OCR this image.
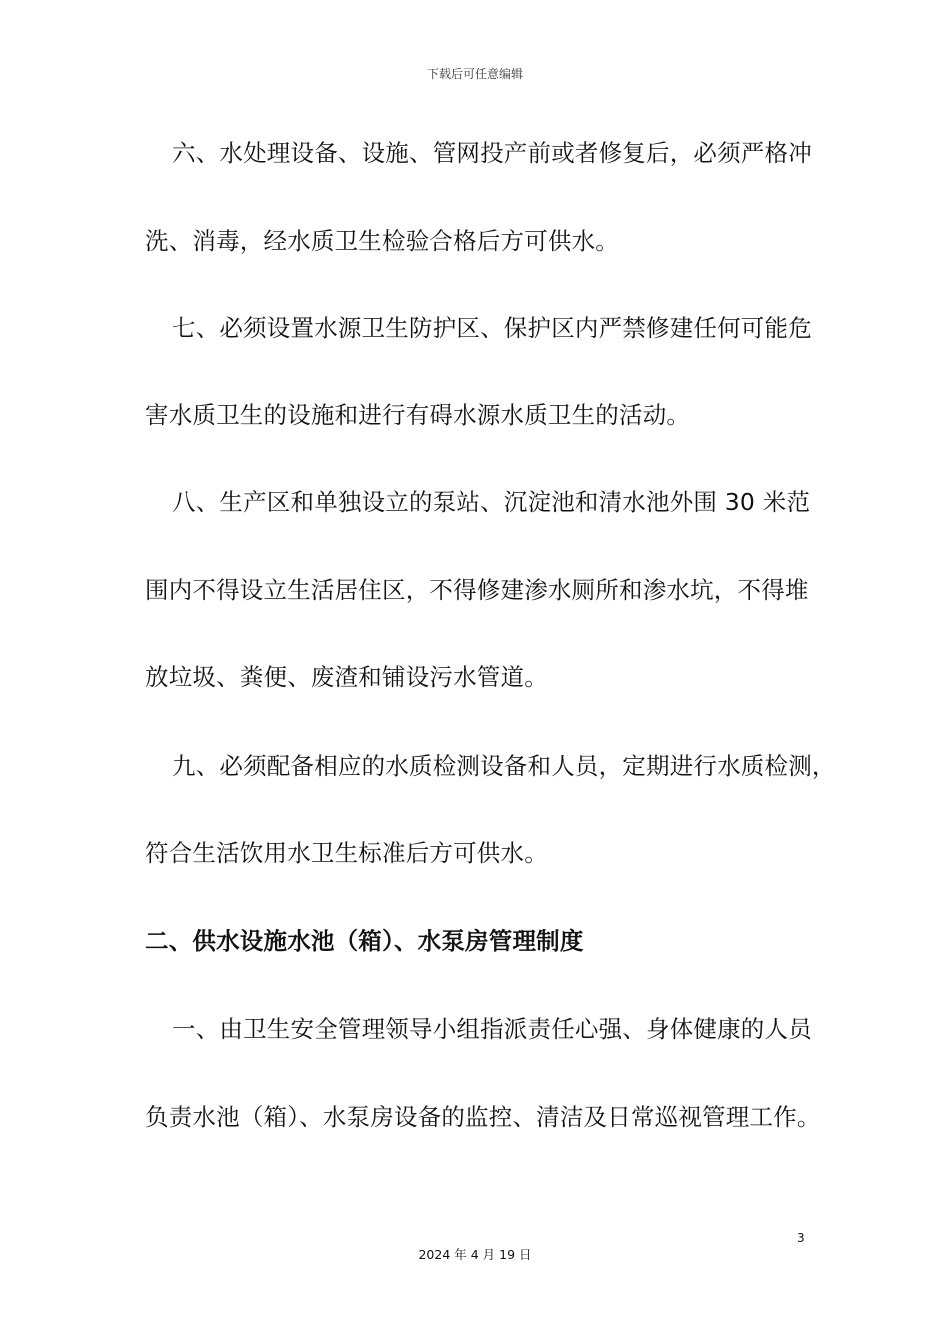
下载后可任意编辑
六、水处理设备、设施、管网投产前或者修复后，必须严格冲
洗、消毒，经水质卫生检验合格后方可供水。
七、必须设置水源卫生防护区、保护区内严禁修建任何可能危
害水质卫生的设施和进行有碍水源水质卫生的活动。
八、生产区和单独设立的泵站、沉淀池和清水池外围 30 米范
围内不得设立生活居住区，不得修建渗水厕所和渗水坑，不得堆
放垃圾、粪便、废渣和铺设污水管道。
九、必须配备相应的水质检测设备和人员，定期进行水质检测，
符合生活饮用水卫生标准后方可供水。
二、供水设施水池（箱）、水泵房管理制度
一、由卫生安全管理领导小组指派责任心强、身体健康的人员
负责水池（箱）、水泵房设备的监控、清洁及日常巡视管理工作。
3
2024 年 4 月 19 日
